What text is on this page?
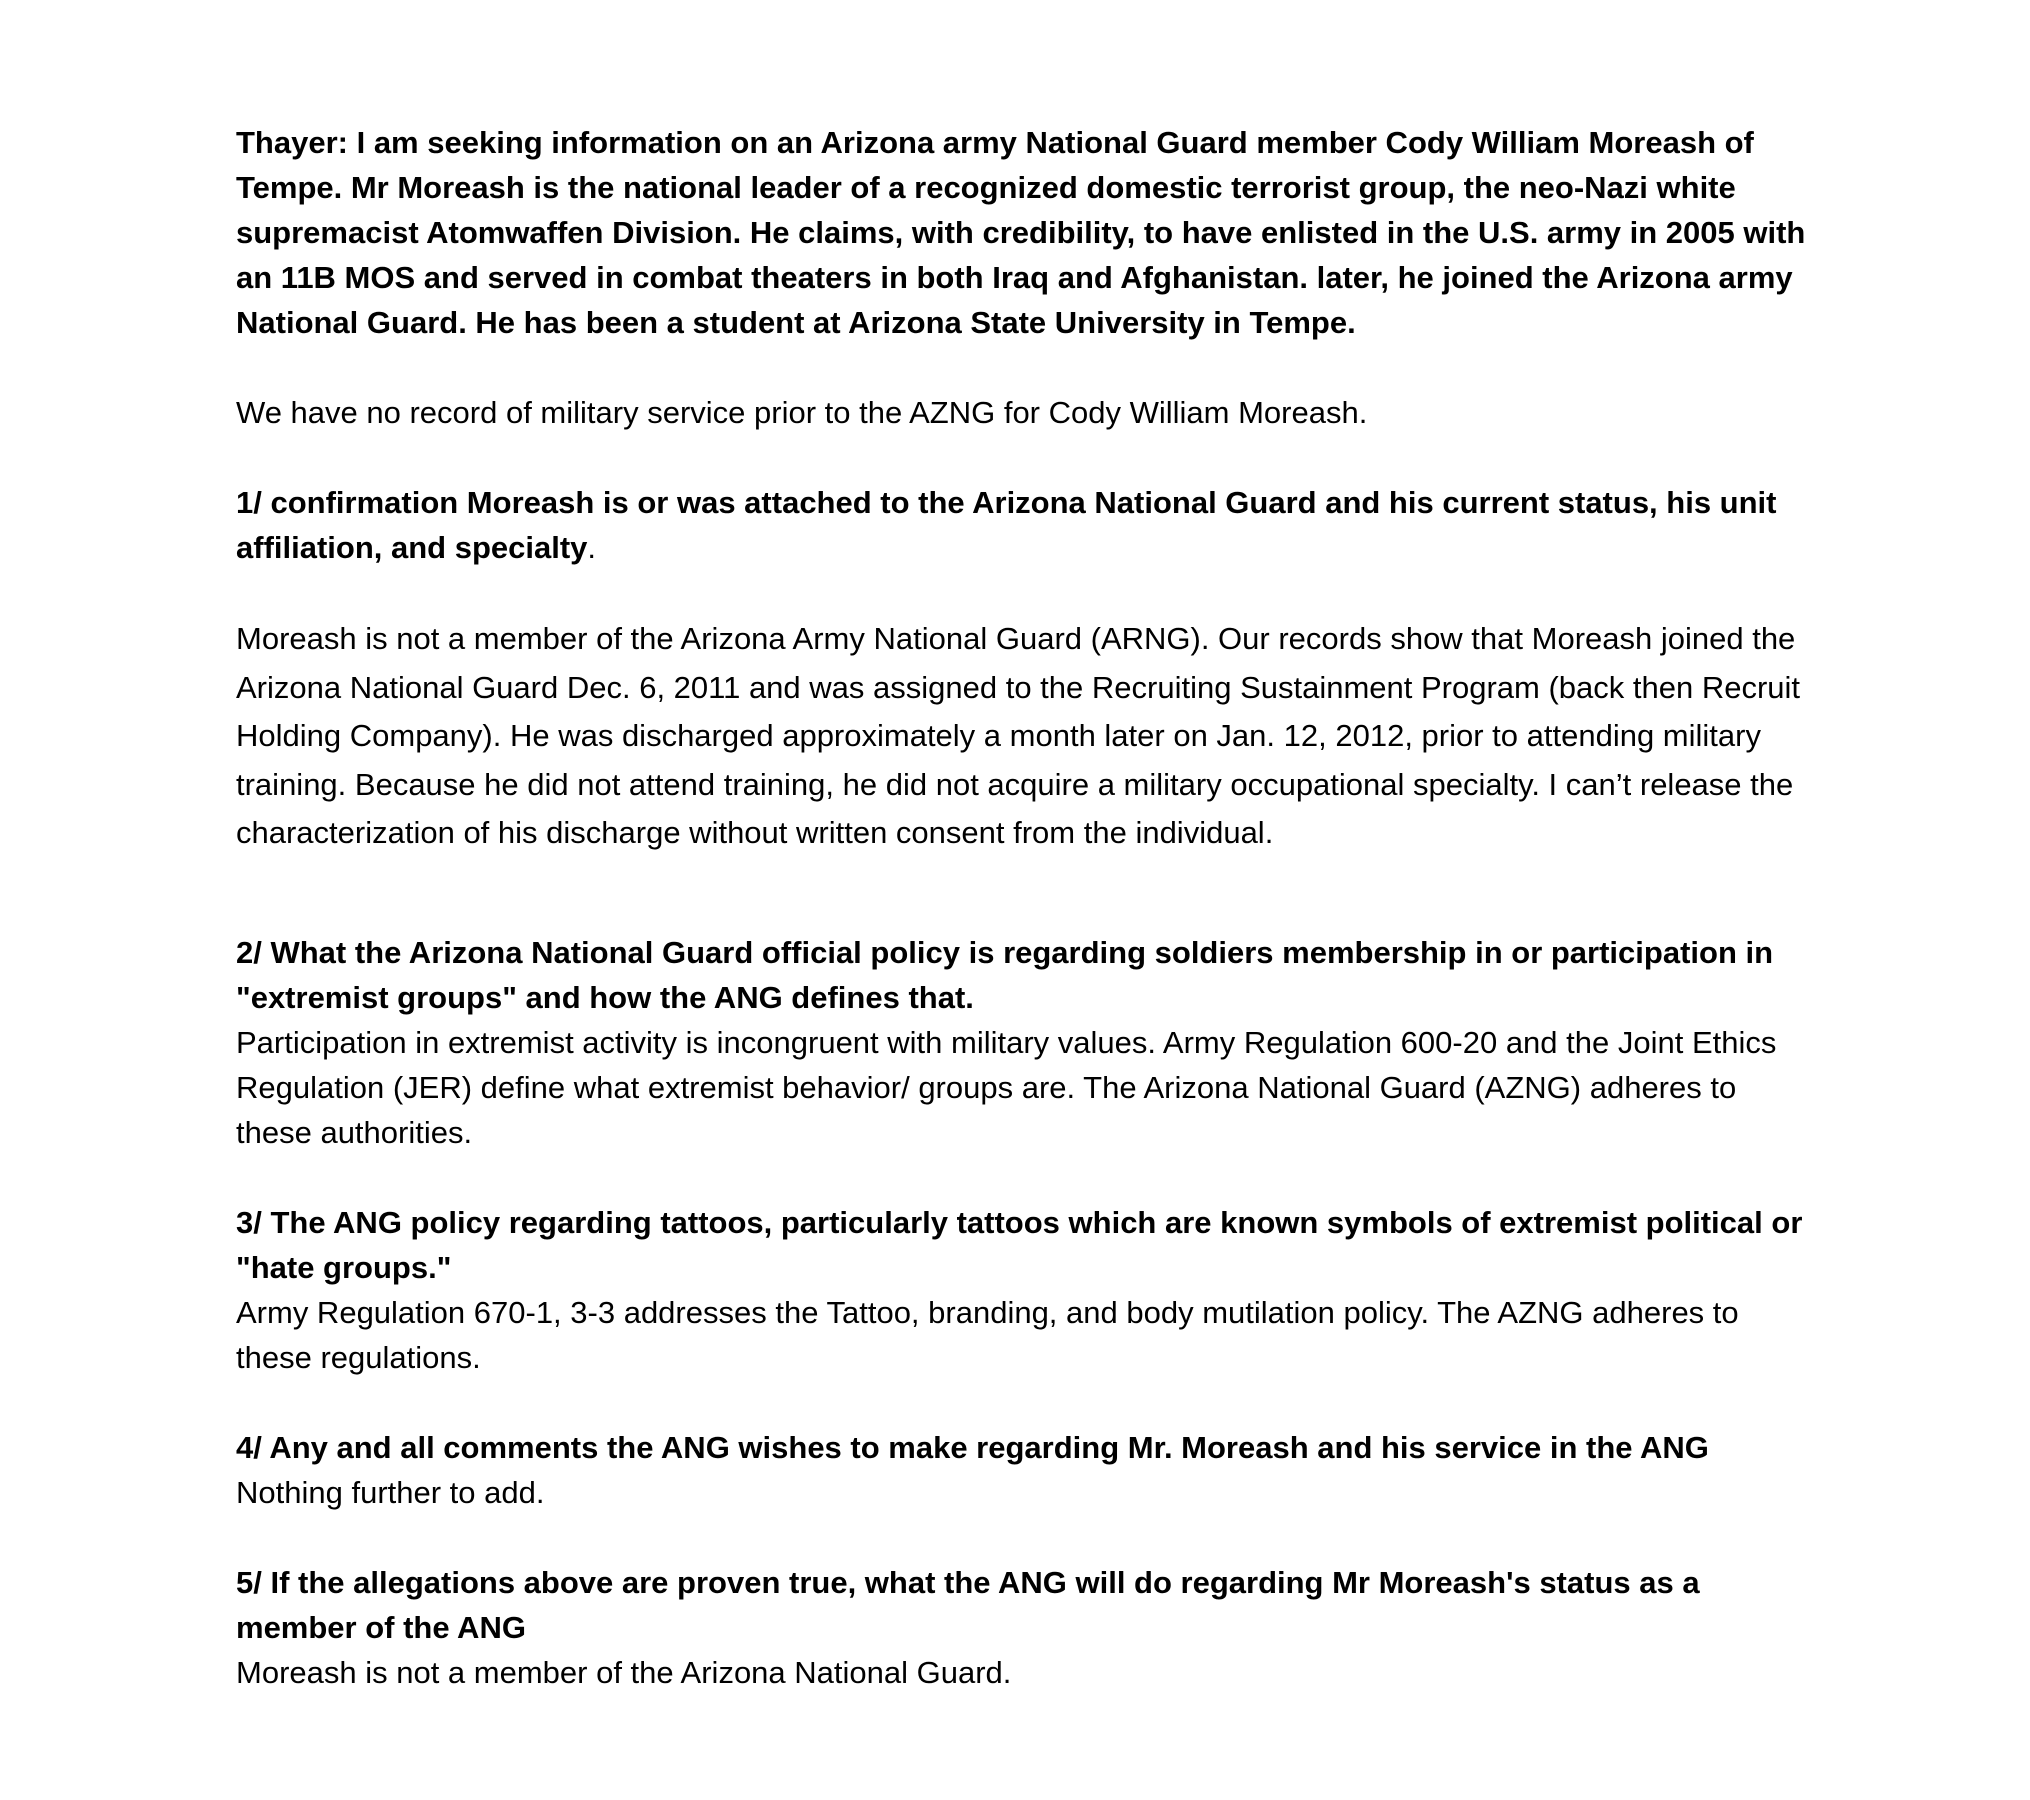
Thayer: I am seeking information on an Arizona army National Guard member Cody William Moreash of Tempe. Mr Moreash is the national leader of a recognized domestic terrorist group, the neo-Nazi white supremacist Atomwaffen Division. He claims, with credibility, to have enlisted in the U.S. army in 2005 with an 11B MOS and served in combat theaters in both Iraq and Afghanistan. later, he joined the Arizona army National Guard. He has been a student at Arizona State University in Tempe.

We have no record of military service prior to the AZNG for Cody William Moreash.

1/ confirmation Moreash is or was attached to the Arizona National Guard and his current status, his unit affiliation, and specialty.

Moreash is not a member of the Arizona Army National Guard (ARNG). Our records show that Moreash joined the Arizona National Guard Dec. 6, 2011 and was assigned to the Recruiting Sustainment Program (back then Recruit Holding Company). He was discharged approximately a month later on Jan. 12, 2012, prior to attending military training. Because he did not attend training, he did not acquire a military occupational specialty. I can’t release the characterization of his discharge without written consent from the individual.

2/ What the Arizona National Guard official policy is regarding soldiers membership in or participation in "extremist groups" and how the ANG defines that.

Participation in extremist activity is incongruent with military values. Army Regulation 600-20 and the Joint Ethics Regulation (JER) define what extremist behavior/ groups are. The Arizona National Guard (AZNG) adheres to these authorities.

3/ The ANG policy regarding tattoos, particularly tattoos which are known symbols of extremist political or "hate groups."

Army Regulation 670-1, 3-3 addresses the Tattoo, branding, and body mutilation policy. The AZNG adheres to these regulations.

4/ Any and all comments the ANG wishes to make regarding Mr. Moreash and his service in the ANG

Nothing further to add.

5/ If the allegations above are proven true, what the ANG will do regarding Mr Moreash's status as a member of the ANG

Moreash is not a member of the Arizona National Guard.
